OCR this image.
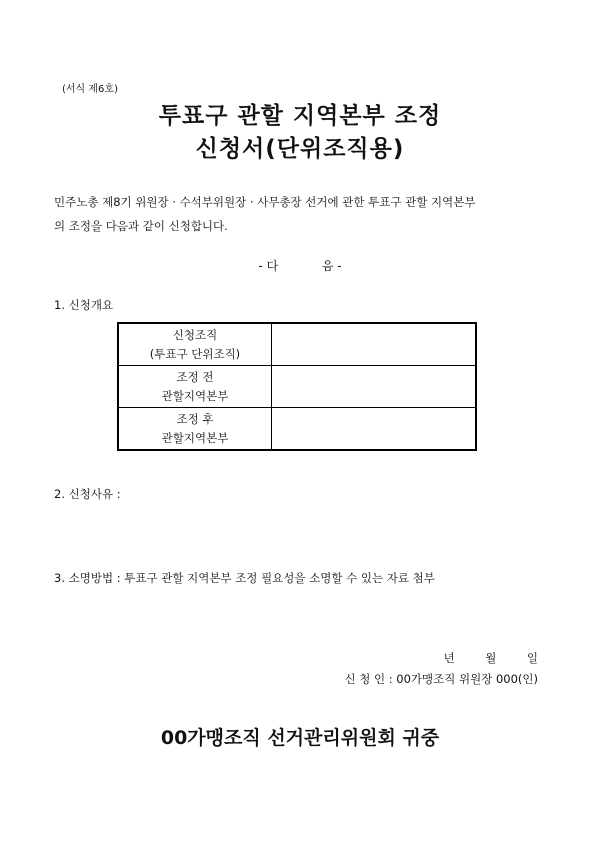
(서식 제6호)
투표구 관할 지역본부 조정
신청서(단위조직용)
민주노총 제8기 위원장 · 수석부위원장 · 사무총장 선거에 관한 투표구 관할 지역본부
의 조정을 다음과 같이 신청합니다.
- 다	음 -
1. 신청개요
신청조직
(투표구 단위조직)	

조정 전
관할지역본부	

조정 후
관할지역본부	

2. 신청사유 :
3. 소명방법 : 투표구 관할 지역본부 조정 필요성을 소명할 수 있는 자료 첨부
년	월	일
신 청 인 : 00가맹조직 위원장 000(인)
00가맹조직 선거관리위원회 귀중
